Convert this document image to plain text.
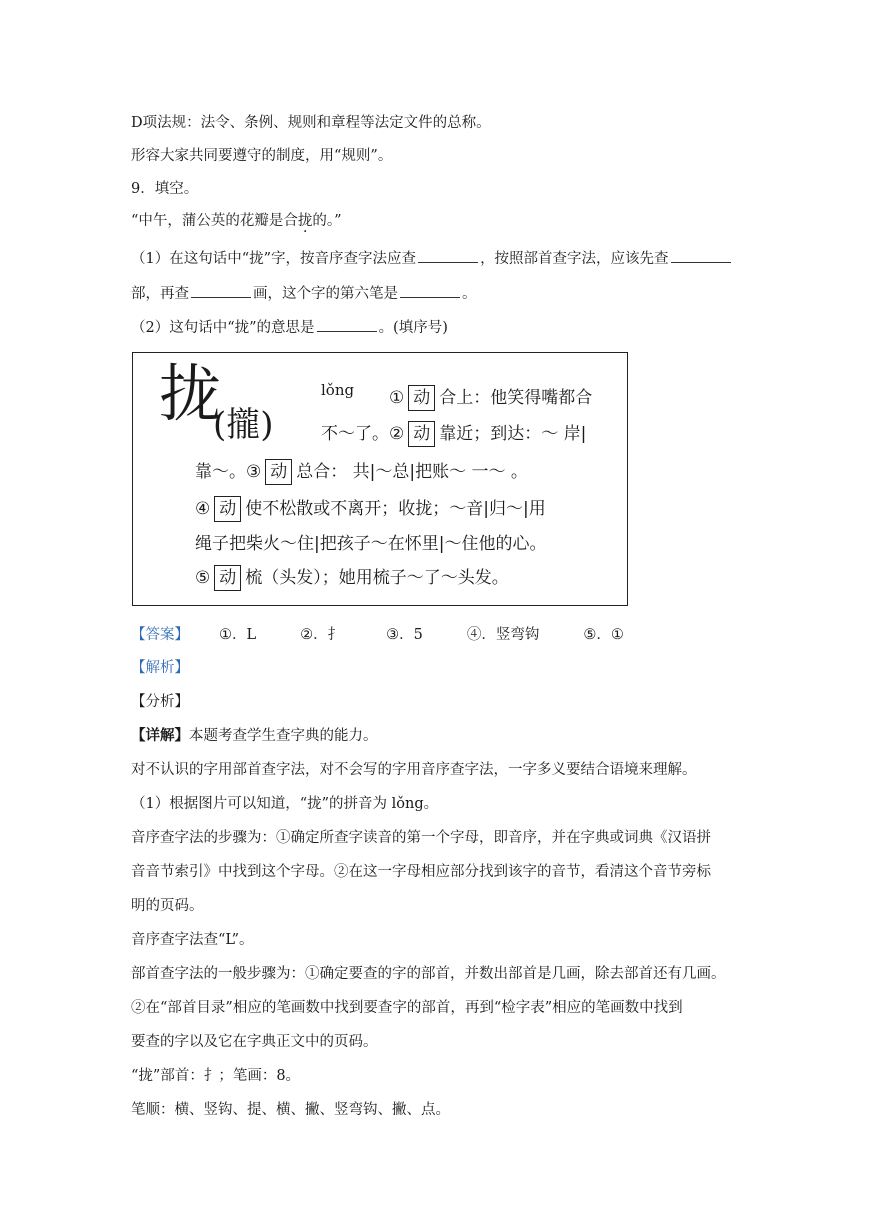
D项法规：法令、条例、规则和章程等法定文件的总称。
形容大家共同要遵守的制度，用“规则”。
9．填空。
“中午，蒲公英的花瓣是合拢的。”
（1）在这句话中“拢”字，按音序查字法应查	，按照部首查字法，应该先查
部，再查	画，这个字的第六笔是	。
（2）这句话中“拢”的意思是	。(填序号)
拢
(攏)
lǒng ① 动 合上：他笑得嘴都合
不～了。② 动 靠近；到达：～ 岸|
靠～。③ 动 总合： 共|～总|把账～ 一～ 。
④ 动 使不松散或不离开；收拢；～音|归～|用
绳子把柴火～住|把孩子～在怀里|～住他的心。
⑤ 动 梳（头发）；她用梳子～了～头发。
【答案】 ①．L	②．扌	③．5	④．竖弯钩	⑤．①
【解析】
【分析】
【详解】本题考查学生查字典的能力。
对不认识的字用部首查字法，对不会写的字用音序查字法，一字多义要结合语境来理解。
（1）根据图片可以知道，“拢”的拼音为 lǒng。
音序查字法的步骤为：①确定所查字读音的第一个字母，即音序，并在字典或词典《汉语拼
音音节索引》中找到这个字母。②在这一字母相应部分找到该字的音节，看清这个音节旁标
明的页码。
音序查字法查“L”。
部首查字法的一般步骤为：①确定要查的字的部首，并数出部首是几画，除去部首还有几画。
②在“部首目录”相应的笔画数中找到要查字的部首，再到“检字表”相应的笔画数中找到
要查的字以及它在字典正文中的页码。
“拢”部首：扌；笔画：8。
笔顺：横、竖钩、提、横、撇、竖弯钩、撇、点。
